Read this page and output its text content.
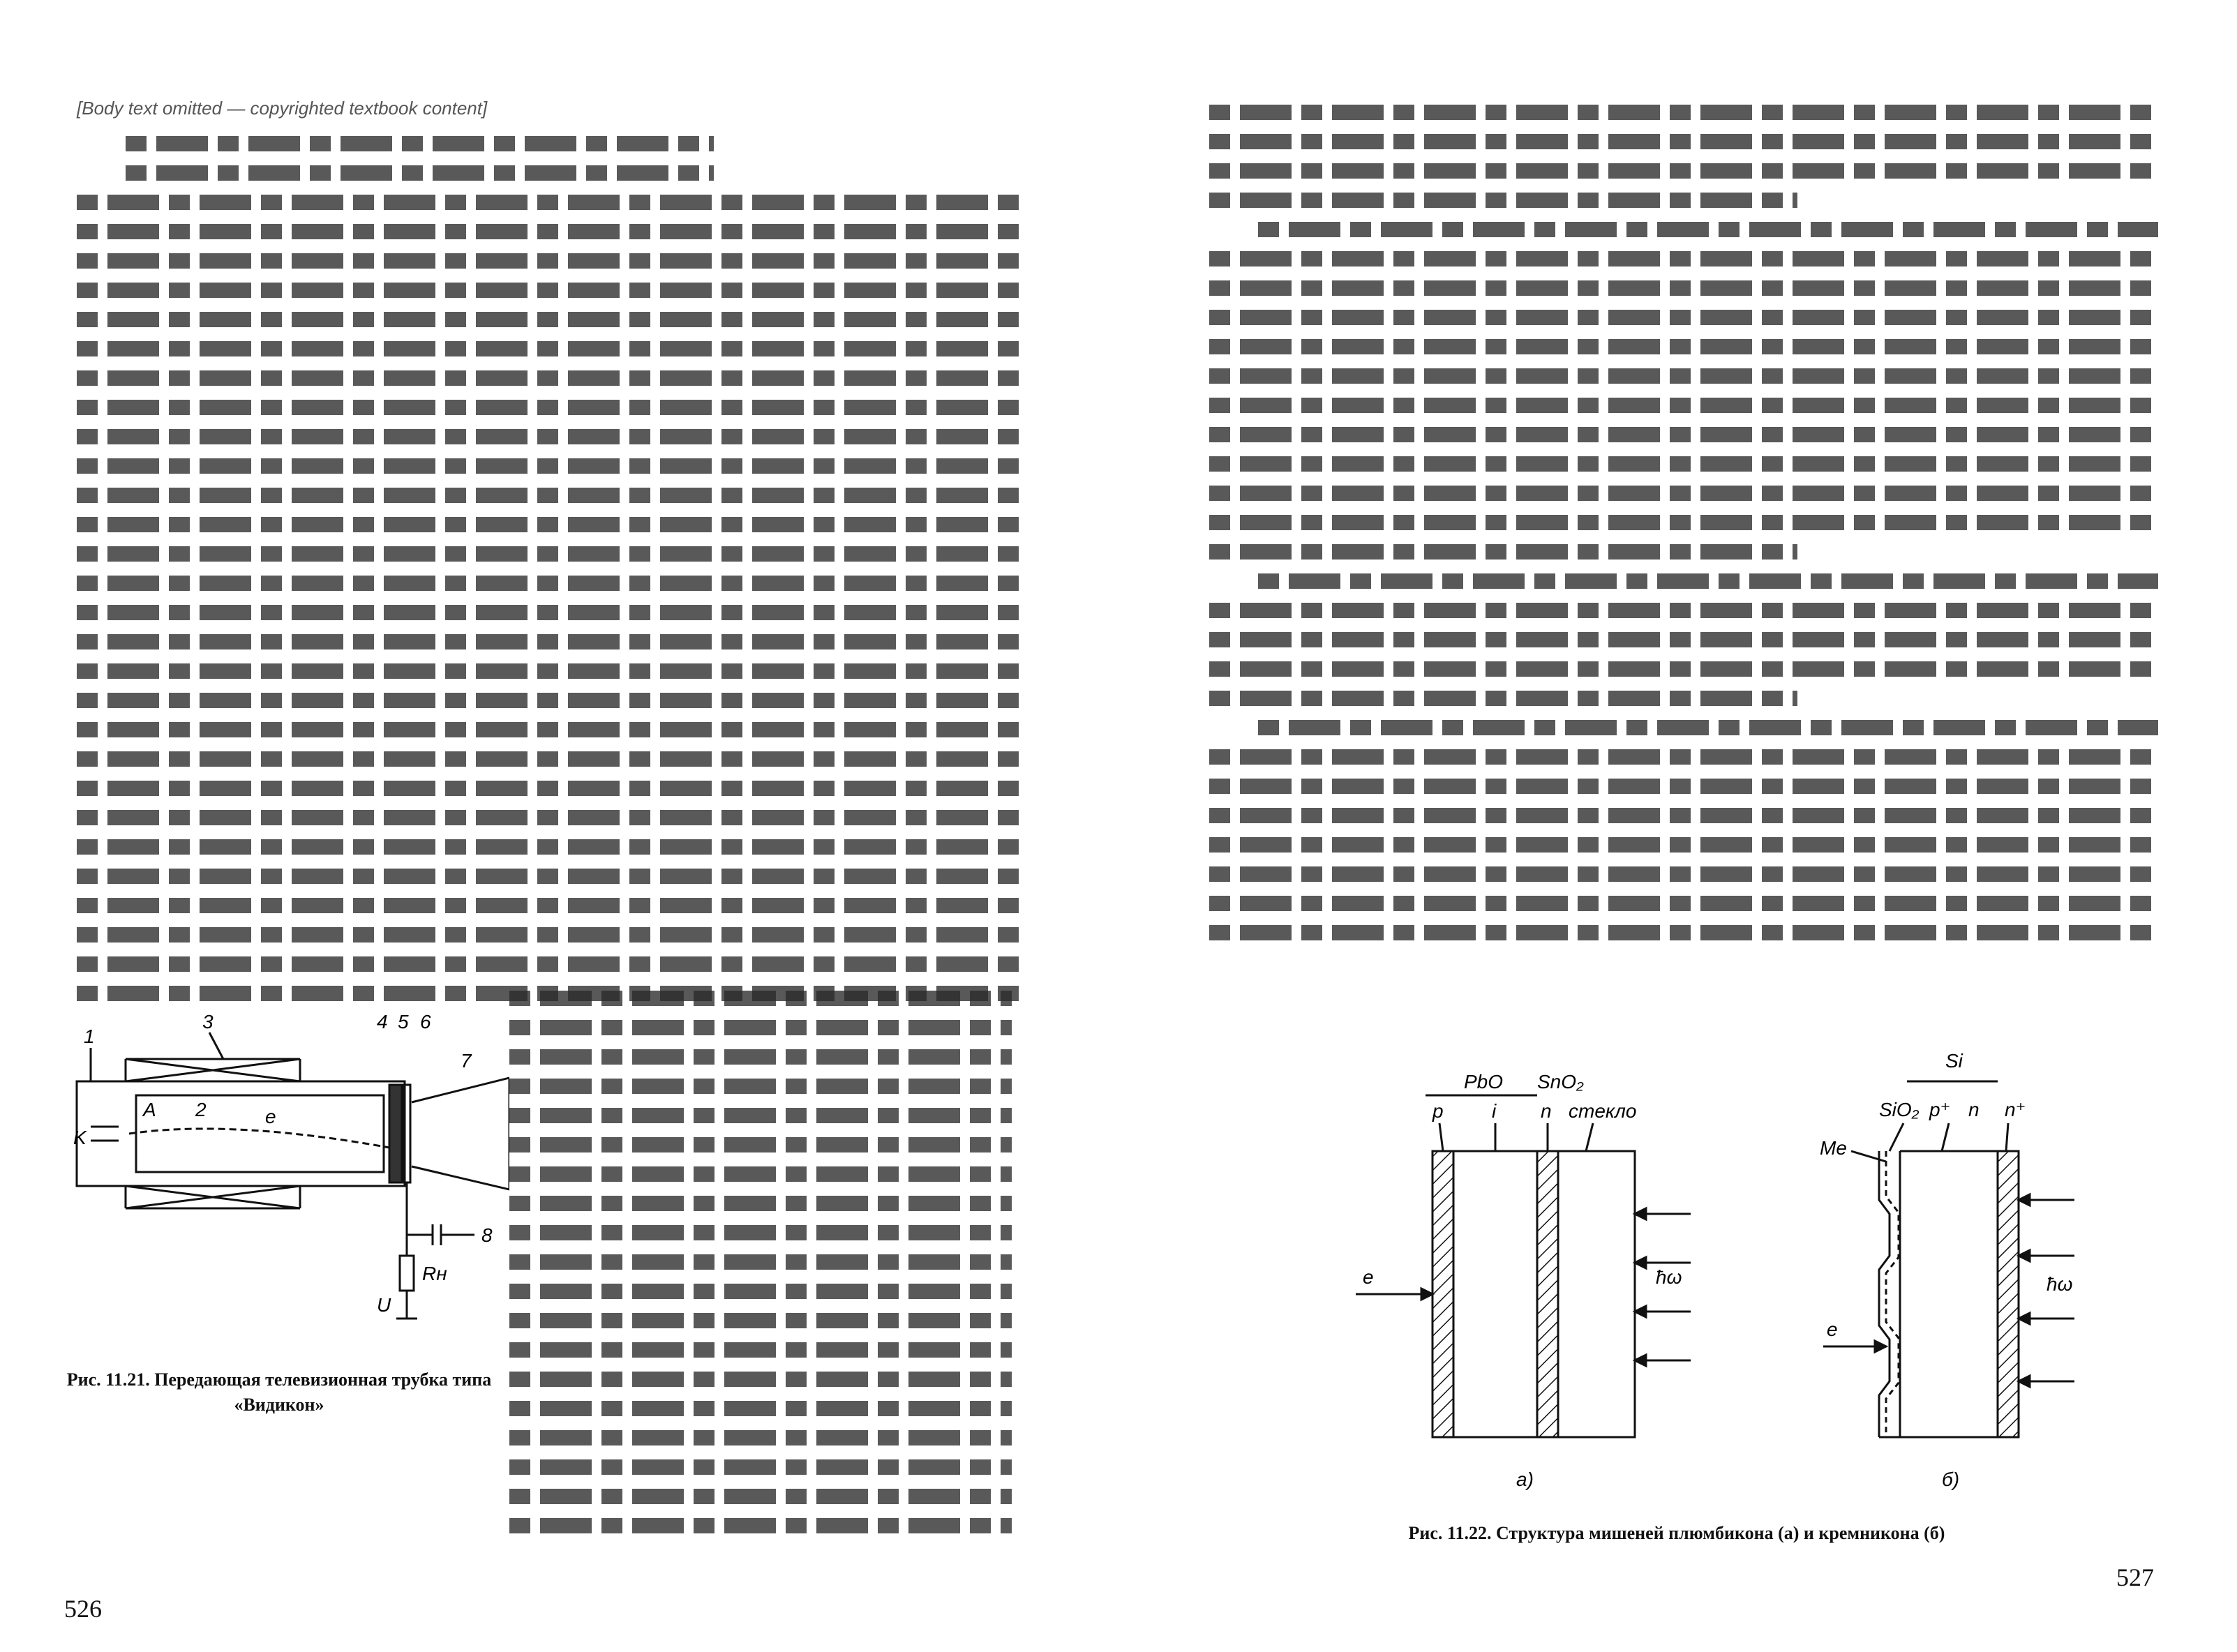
[Body text omitted — copyrighted textbook content]
1
3	4 5 6
7
2
A
K
e
8
Rн
U
Рис. 11.21. Передающая телевизионная трубка типа «Видикон»
526
PbO SnO₂
p i n стекло
e	ħω
а)
Si
SiO₂ p⁺ n n⁺
Me
e
ħω
б)
Рис. 11.22. Структура мишеней плюмбикона (а) и кремникона (б)
527
